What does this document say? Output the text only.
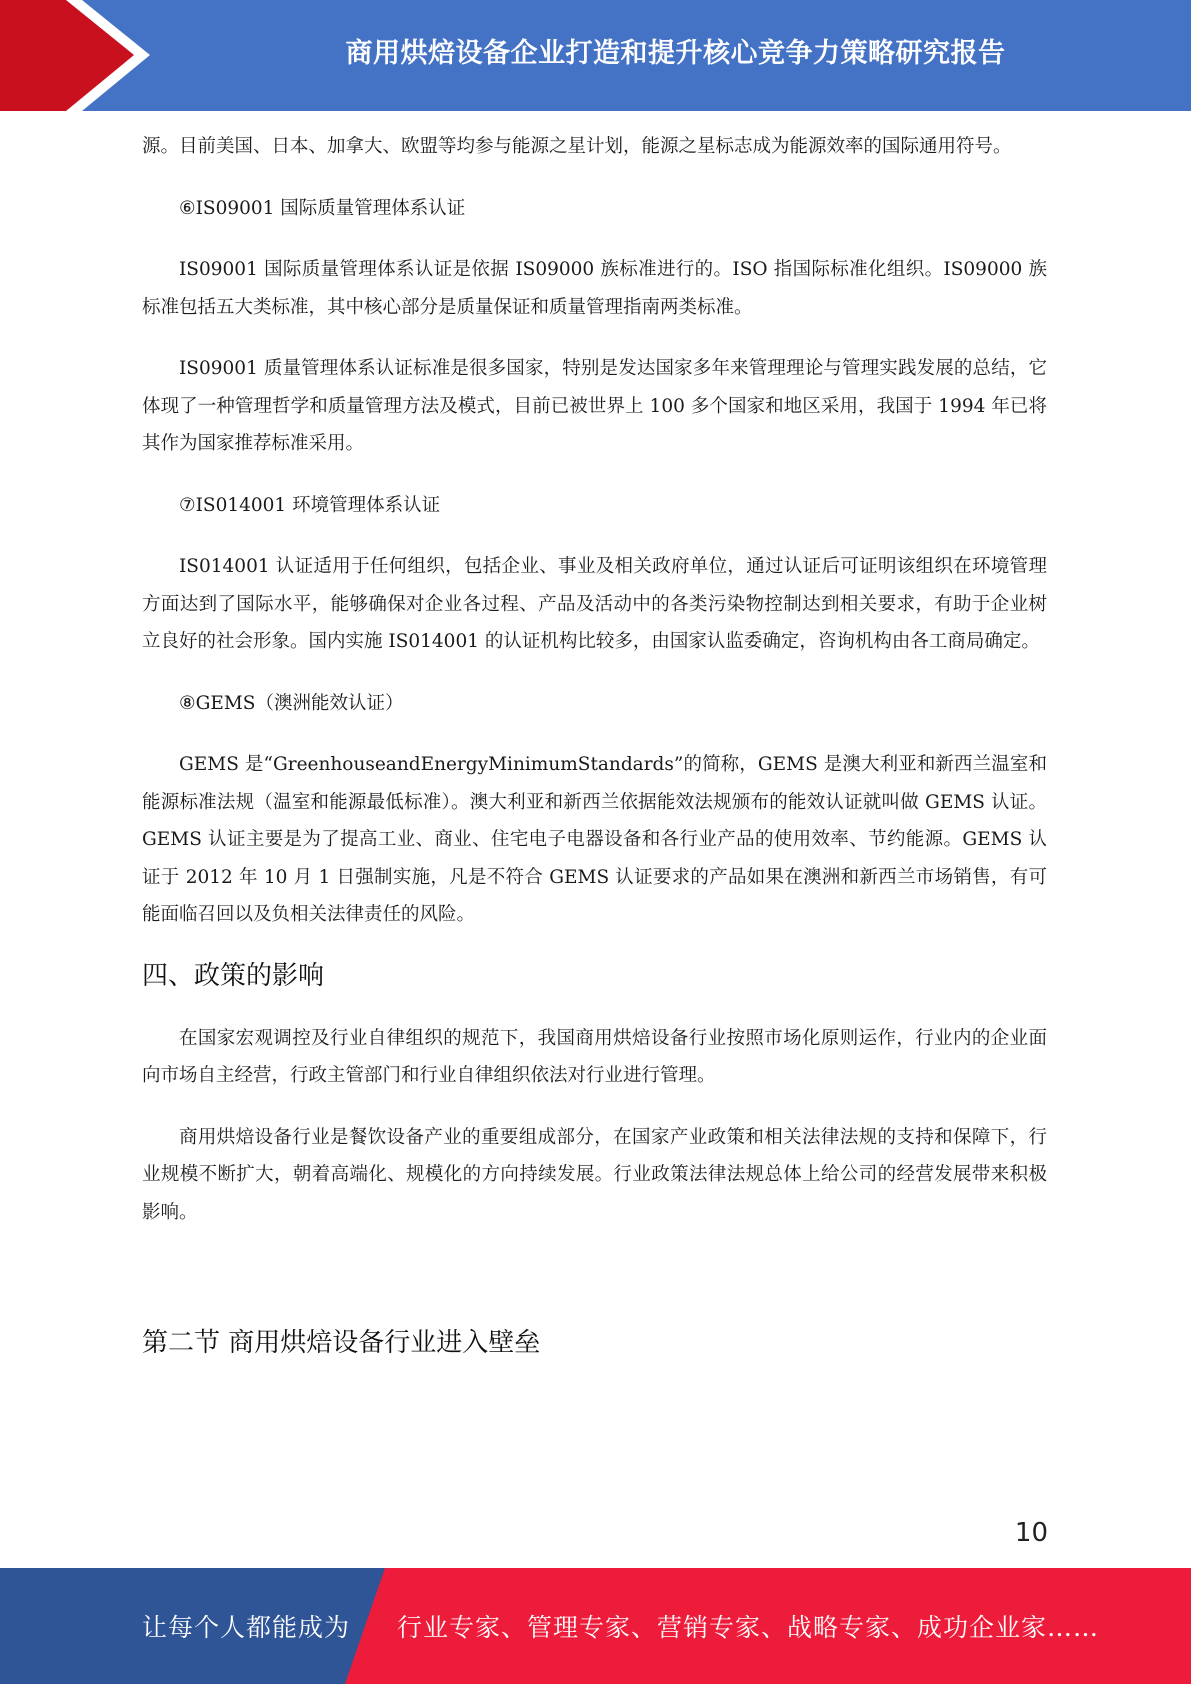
商用烘焙设备企业打造和提升核心竞争力策略研究报告

源。目前美国、日本、加拿大、欧盟等均参与能源之星计划，能源之星标志成为能源效率的国际通用符号。

⑥IS09001 国际质量管理体系认证

IS09001 国际质量管理体系认证是依据 IS09000 族标准进行的。ISO 指国际标准化组织。IS09000 族标准包括五大类标准，其中核心部分是质量保证和质量管理指南两类标准。

IS09001 质量管理体系认证标准是很多国家，特别是发达国家多年来管理理论与管理实践发展的总结，它体现了一种管理哲学和质量管理方法及模式，目前已被世界上 100 多个国家和地区采用，我国于 1994 年已将其作为国家推荐标准采用。

⑦IS014001 环境管理体系认证

IS014001 认证适用于任何组织，包括企业、事业及相关政府单位，通过认证后可证明该组织在环境管理方面达到了国际水平，能够确保对企业各过程、产品及活动中的各类污染物控制达到相关要求，有助于企业树立良好的社会形象。国内实施 IS014001 的认证机构比较多，由国家认监委确定，咨询机构由各工商局确定。

⑧GEMS（澳洲能效认证）

GEMS 是“GreenhouseandEnergyMinimumStandards”的简称，GEMS 是澳大利亚和新西兰温室和能源标准法规（温室和能源最低标准）。澳大利亚和新西兰依据能效法规颁布的能效认证就叫做 GEMS 认证。GEMS 认证主要是为了提高工业、商业、住宅电子电器设备和各行业产品的使用效率、节约能源。GEMS 认证于 2012 年 10 月 1 日强制实施，凡是不符合 GEMS 认证要求的产品如果在澳洲和新西兰市场销售，有可能面临召回以及负相关法律责任的风险。

四、政策的影响

在国家宏观调控及行业自律组织的规范下，我国商用烘焙设备行业按照市场化原则运作，行业内的企业面向市场自主经营，行政主管部门和行业自律组织依法对行业进行管理。

商用烘焙设备行业是餐饮设备产业的重要组成部分，在国家产业政策和相关法律法规的支持和保障下，行业规模不断扩大，朝着高端化、规模化的方向持续发展。行业政策法律法规总体上给公司的经营发展带来积极影响。

第二节 商用烘焙设备行业进入壁垒
10
让每个人都能成为 行业专家、管理专家、营销专家、战略专家、成功企业家……
